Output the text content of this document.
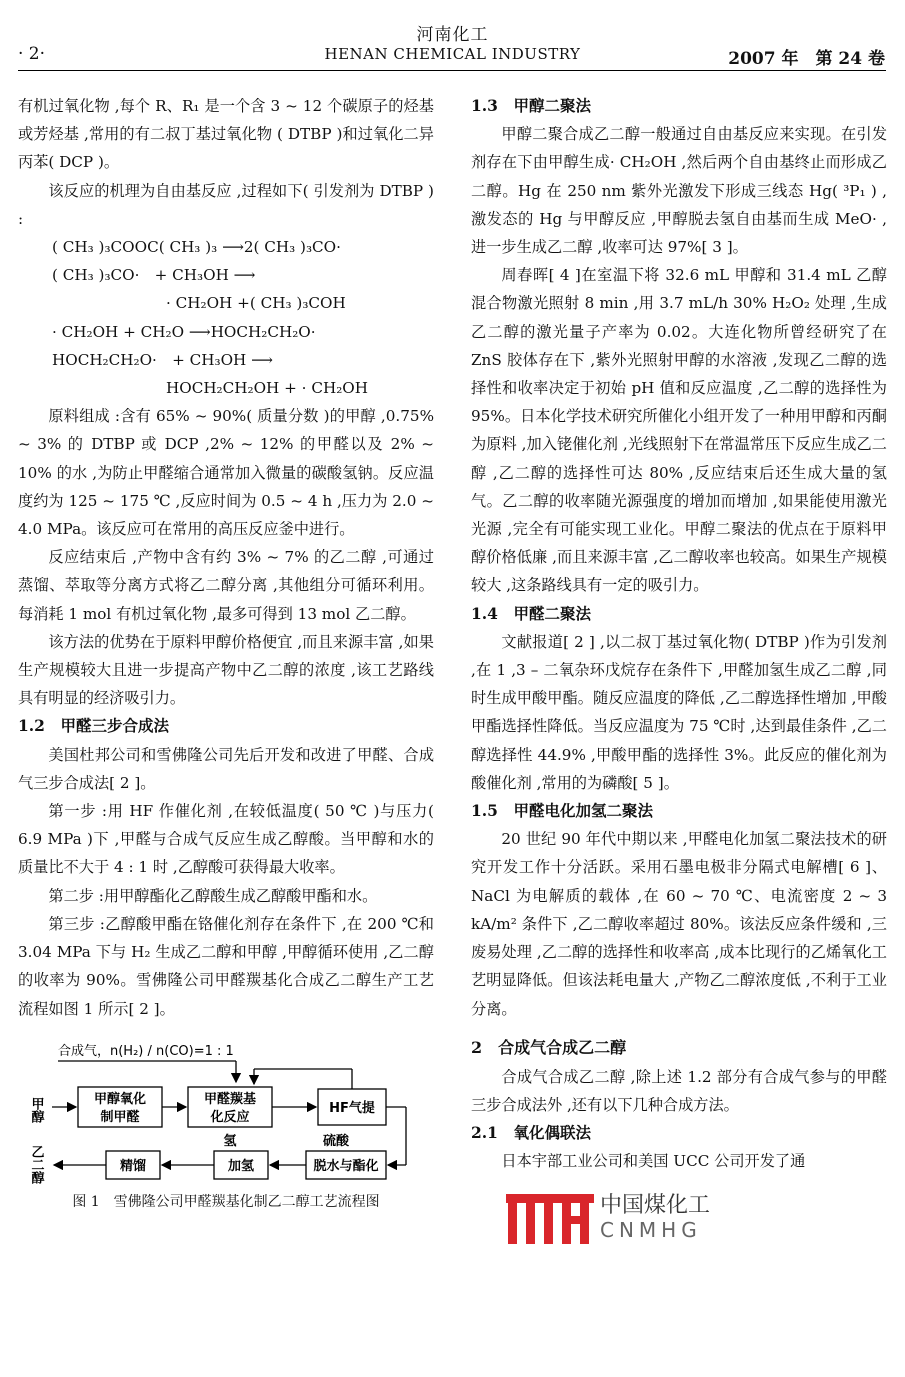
河南化工
· 2·	HENAN CHEMICAL INDUSTRY	2007 年　第 24 卷

有机过氧化物 ,每个 R、R₁ 是一个含 3 ~ 12 个碳原子的烃基或芳烃基 ,常用的有二叔丁基过氧化物 ( DTBP )和过氧化二异丙苯( DCP )。

该反应的机理为自由基反应 ,过程如下( 引发剂为 DTBP ) :

( CH₃ )₃COOC( CH₃ )₃ ⟶2( CH₃ )₃CO·
( CH₃ )₃CO·　+ CH₃OH ⟶
· CH₂OH +( CH₃ )₃COH
· CH₂OH + CH₂O ⟶HOCH₂CH₂O·
HOCH₂CH₂O·　+ CH₃OH ⟶
HOCH₂CH₂OH + · CH₂OH

原料组成 :含有 65% ~ 90%( 质量分数 )的甲醇 ,0.75% ~ 3% 的 DTBP 或 DCP ,2% ~ 12% 的甲醛以及 2% ~ 10% 的水 ,为防止甲醛缩合通常加入微量的碳酸氢钠。反应温度约为 125 ~ 175 ℃ ,反应时间为 0.5 ~ 4 h ,压力为 2.0 ~ 4.0 MPa。该反应可在常用的高压反应釜中进行。

反应结束后 ,产物中含有约 3% ~ 7% 的乙二醇 ,可通过蒸馏、萃取等分离方式将乙二醇分离 ,其他组分可循环利用。每消耗 1 mol 有机过氧化物 ,最多可得到 13 mol 乙二醇。

该方法的优势在于原料甲醇价格便宜 ,而且来源丰富 ,如果生产规模较大且进一步提高产物中乙二醇的浓度 ,该工艺路线具有明显的经济吸引力。

1.2　甲醛三步合成法

美国杜邦公司和雪佛隆公司先后开发和改进了甲醛、合成气三步合成法[ 2 ]。

第一步 :用 HF 作催化剂 ,在较低温度( 50 ℃ )与压力( 6.9 MPa )下 ,甲醛与合成气反应生成乙醇酸。当甲醇和水的质量比不大于 4 : 1 时 ,乙醇酸可获得最大收率。

第二步 :用甲醇酯化乙醇酸生成乙醇酸甲酯和水。

第三步 :乙醇酸甲酯在铬催化剂存在条件下 ,在 200 ℃和 3.04 MPa 下与 H₂ 生成乙二醇和甲醇 ,甲醇循环使用 ,乙二醇的收率为 90%。雪佛隆公司甲醛羰基化合成乙二醇生产工艺流程如图 1 所示[ 2 ]。

合成气，n(H₂) / n(CO)=1 : 1
甲醇	甲醇氧化
制甲醛
甲醛羰基
化反应
HF气提
脱水与酯化
硫酸
加氢
氢
精馏
乙二醇
图 1　雪佛隆公司甲醛羰基化制乙二醇工艺流程图
1.3　甲醇二聚法

甲醇二聚合成乙二醇一般通过自由基反应来实现。在引发剂存在下由甲醇生成· CH₂OH ,然后两个自由基终止而形成乙二醇。Hg 在 250 nm 紫外光激发下形成三线态 Hg( ³P₁ ) ,激发态的 Hg 与甲醇反应 ,甲醇脱去氢自由基而生成 MeO· ,进一步生成乙二醇 ,收率可达 97%[ 3 ]。

周春晖[ 4 ]在室温下将 32.6 mL 甲醇和 31.4 mL 乙醇混合物激光照射 8 min ,用 3.7 mL/h 30% H₂O₂ 处理 ,生成乙二醇的激光量子产率为 0.02。大连化物所曾经研究了在 ZnS 胶体存在下 ,紫外光照射甲醇的水溶液 ,发现乙二醇的选择性和收率决定于初始 pH 值和反应温度 ,乙二醇的选择性为 95%。日本化学技术研究所催化小组开发了一种用甲醇和丙酮为原料 ,加入铑催化剂 ,光线照射下在常温常压下反应生成乙二醇 ,乙二醇的选择性可达 80% ,反应结束后还生成大量的氢气。乙二醇的收率随光源强度的增加而增加 ,如果能使用激光光源 ,完全有可能实现工业化。甲醇二聚法的优点在于原料甲醇价格低廉 ,而且来源丰富 ,乙二醇收率也较高。如果生产规模较大 ,这条路线具有一定的吸引力。

1.4　甲醛二聚法

文献报道[ 2 ] ,以二叔丁基过氧化物( DTBP )作为引发剂 ,在 1 ,3 – 二氧杂环戊烷存在条件下 ,甲醛加氢生成乙二醇 ,同时生成甲酸甲酯。随反应温度的降低 ,乙二醇选择性增加 ,甲酸甲酯选择性降低。当反应温度为 75 ℃时 ,达到最佳条件 ,乙二醇选择性 44.9% ,甲酸甲酯的选择性 3%。此反应的催化剂为酸催化剂 ,常用的为磷酸[ 5 ]。

1.5　甲醛电化加氢二聚法

20 世纪 90 年代中期以来 ,甲醛电化加氢二聚法技术的研究开发工作十分活跃。采用石墨电极非分隔式电解槽[ 6 ]、NaCl 为电解质的载体 ,在 60 ~ 70 ℃、电流密度 2 ~ 3 kA/m² 条件下 ,乙二醇收率超过 80%。该法反应条件缓和 ,三废易处理 ,乙二醇的选择性和收率高 ,成本比现行的乙烯氧化工艺明显降低。但该法耗电量大 ,产物乙二醇浓度低 ,不利于工业分离。

2　合成气合成乙二醇

合成气合成乙二醇 ,除上述 1.2 部分有合成气参与的甲醛三步合成法外 ,还有以下几种合成方法。

2.1　氧化偶联法

日本宇部工业公司和美国 UCC 公司开发了通

中国煤化工
CNMHG
